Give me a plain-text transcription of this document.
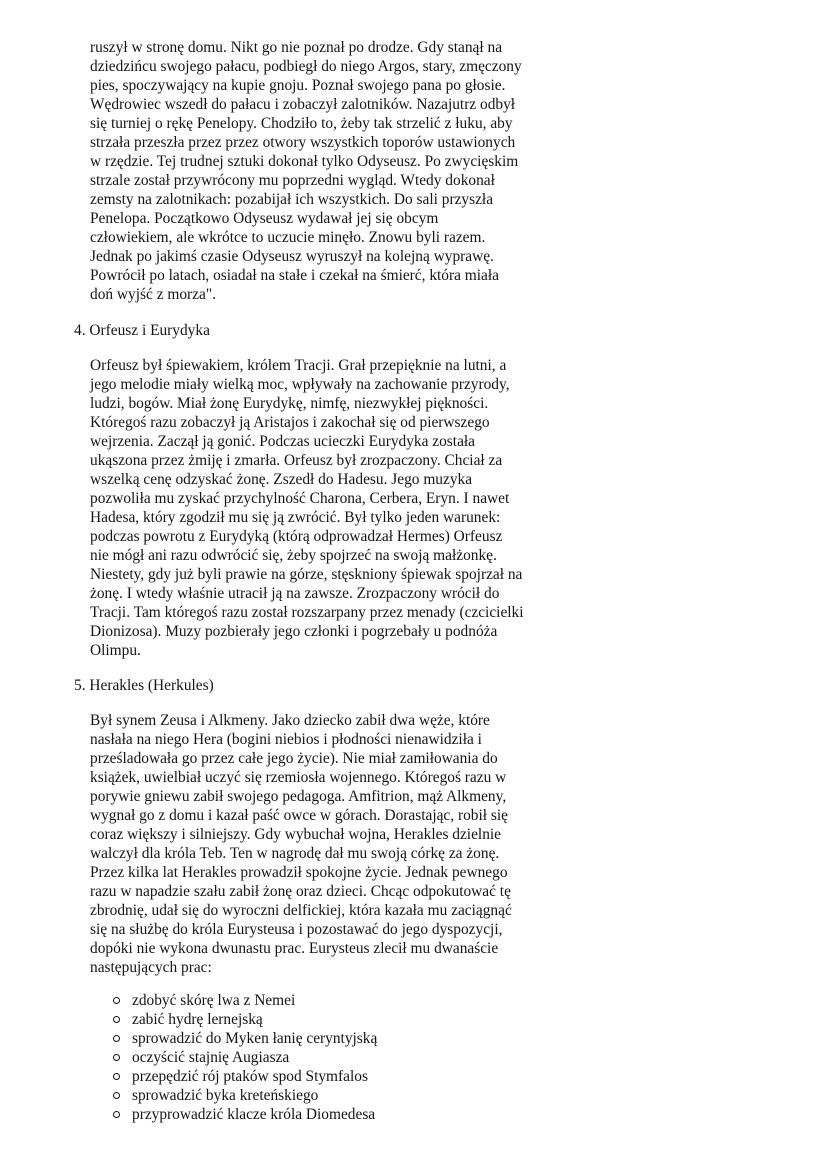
ruszył w stronę domu. Nikt go nie poznał po drodze. Gdy stanął na
dziedzińcu swojego pałacu, podbiegł do niego Argos, stary, zmęczony
pies, spoczywający na kupie gnoju. Poznał swojego pana po głosie.
Wędrowiec wszedł do pałacu i zobaczył zalotników. Nazajutrz odbył
się turniej o rękę Penelopy. Chodziło to, żeby tak strzelić z łuku, aby
strzała przeszła przez przez otwory wszystkich toporów ustawionych
w rzędzie. Tej trudnej sztuki dokonał tylko Odyseusz. Po zwycięskim
strzale został przywrócony mu poprzedni wygląd. Wtedy dokonał
zemsty na zalotnikach: pozabijał ich wszystkich. Do sali przyszła
Penelopa. Początkowo Odyseusz wydawał jej się obcym
człowiekiem, ale wkrótce to uczucie minęło. Znowu byli razem.
Jednak po jakimś czasie Odyseusz wyruszył na kolejną wyprawę.
Powrócił po latach, osiadał na stałe i czekał na śmierć, która miała
doń wyjść z morza".

4. Orfeusz i Eurydyka

Orfeusz był śpiewakiem, królem Tracji. Grał przepięknie na lutni, a
jego melodie miały wielką moc, wpływały na zachowanie przyrody,
ludzi, bogów. Miał żonę Eurydykę, nimfę, niezwykłej piękności.
Któregoś razu zobaczył ją Aristajos i zakochał się od pierwszego
wejrzenia. Zaczął ją gonić. Podczas ucieczki Eurydyka została
ukąszona przez żmiję i zmarła. Orfeusz był zrozpaczony. Chciał za
wszelką cenę odzyskać żonę. Zszedł do Hadesu. Jego muzyka
pozwoliła mu zyskać przychylność Charona, Cerbera, Eryn. I nawet
Hadesa, który zgodził mu się ją zwrócić. Był tylko jeden warunek:
podczas powrotu z Eurydyką (którą odprowadzał Hermes) Orfeusz
nie mógł ani razu odwrócić się, żeby spojrzeć na swoją małżonkę.
Niestety, gdy już byli prawie na górze, stęskniony śpiewak spojrzał na
żonę. I wtedy właśnie utracił ją na zawsze. Zrozpaczony wrócił do
Tracji. Tam któregoś razu został rozszarpany przez menady (czcicielki
Dionizosa). Muzy pozbierały jego członki i pogrzebały u podnóża
Olimpu.

5. Herakles (Herkules)

Był synem Zeusa i Alkmeny. Jako dziecko zabił dwa węże, które
nasłała na niego Hera (bogini niebios i płodności nienawidziła i
prześladowała go przez całe jego życie). Nie miał zamiłowania do
książek, uwielbiał uczyć się rzemiosła wojennego. Któregoś razu w
porywie gniewu zabił swojego pedagoga. Amfitrion, mąż Alkmeny,
wygnał go z domu i kazał paść owce w górach. Dorastając, robił się
coraz większy i silniejszy. Gdy wybuchał wojna, Herakles dzielnie
walczył dla króla Teb. Ten w nagrodę dał mu swoją córkę za żonę.
Przez kilka lat Herakles prowadził spokojne życie. Jednak pewnego
razu w napadzie szału zabił żonę oraz dzieci. Chcąc odpokutować tę
zbrodnię, udał się do wyroczni delfickiej, która kazała mu zaciągnąć
się na służbę do króla Eurysteusa i pozostawać do jego dyspozycji,
dopóki nie wykona dwunastu prac. Eurysteus zlecił mu dwanaście
następujących prac:

zdobyć skórę lwa z Nemei
zabić hydrę lernejską
sprowadzić do Myken łanię ceryntyjską
oczyścić stajnię Augiasza
przepędzić rój ptaków spod Stymfalos
sprowadzić byka kreteńskiego
przyprowadzić klacze króla Diomedesa
